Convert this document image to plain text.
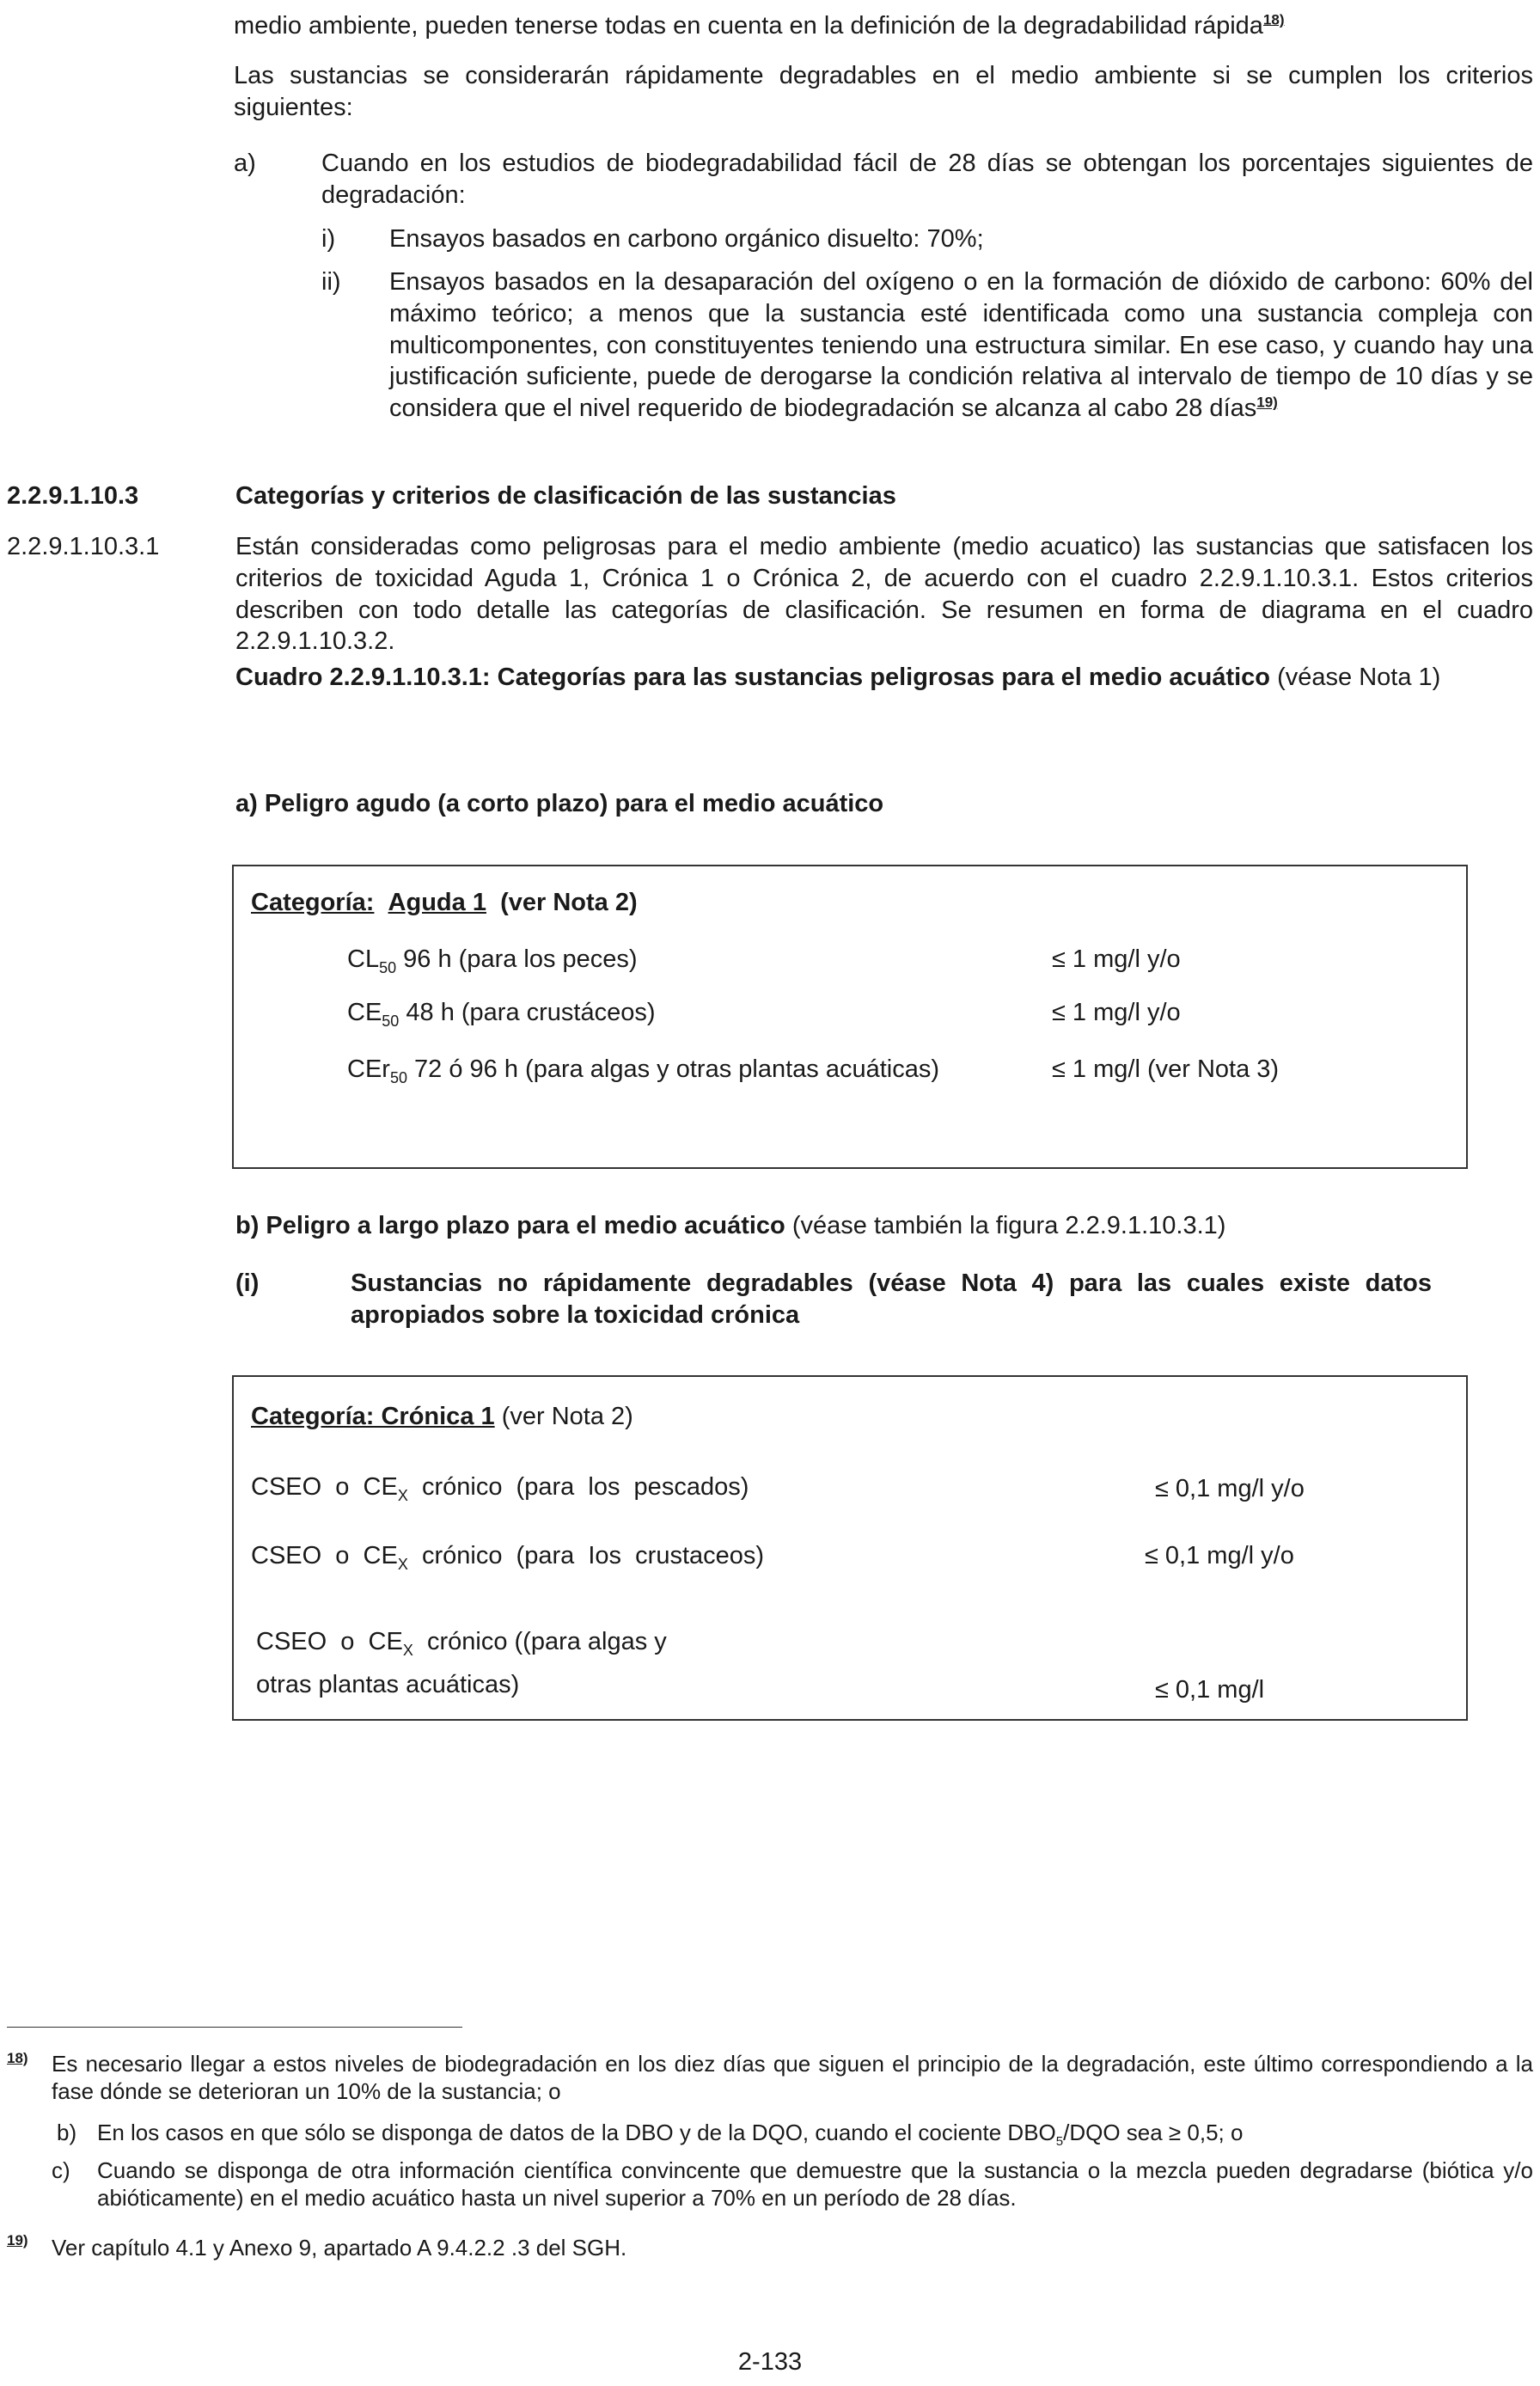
medio ambiente, pueden tenerse todas en cuenta en la definición de la degradabilidad rápida$^{18)}$
Las sustancias se considerarán rápidamente degradables en el medio ambiente si se cumplen los criterios siguientes:
a)	Cuando en los estudios de biodegradabilidad fácil de 28 días se obtengan los porcentajes siguientes de degradación:
i) Ensayos basados en carbono orgánico disuelto: 70%;
ii) Ensayos basados en la desaparación del oxígeno o en la formación de dióxido de carbono: 60% del máximo teórico; a menos que la sustancia esté identificada como una sustancia compleja con multicomponentes, con constituyentes teniendo una estructura similar. En ese caso, y cuando hay una justificación suficiente, puede de derogarse la condición relativa al intervalo de tiempo de 10 días y se considera que el nivel requerido de biodegradación se alcanza al cabo 28 días$^{19)}$
2.2.9.1.10.3	Categorías y criterios de clasificación de las sustancias
2.2.9.1.10.3.1	Están consideradas como peligrosas para el medio ambiente (medio acuatico) las sustancias que satisfacen los criterios de toxicidad Aguda 1, Crónica 1 o Crónica 2, de acuerdo con el cuadro 2.2.9.1.10.3.1. Estos criterios describen con todo detalle las categorías de clasificación. Se resumen en forma de diagrama en el cuadro 2.2.9.1.10.3.2.
Cuadro 2.2.9.1.10.3.1: Categorías para las sustancias peligrosas para el medio acuático (véase Nota 1)
a) Peligro agudo (a corto plazo) para el medio acuático
Categoría: Aguda 1 (ver Nota 2)
$CL_{50}$ 96 h (para los peces)	≤ 1 mg/l y/o
$CE_{50}$ 48 h (para crustáceos)	≤ 1 mg/l y/o
CEr$_{50}$ 72 ó 96 h (para algas y otras plantas acuáticas)	≤ 1 mg/l (ver Nota 3)
b) Peligro a largo plazo para el medio acuático (véase también la figura 2.2.9.1.10.3.1)
(i)	Sustancias no rápidamente degradables (véase Nota 4) para las cuales existe datos apropiados sobre la toxicidad crónica
Categoría: Crónica 1 (ver Nota 2)
CSEO  o  $CE_X$  crónico  (para  los  pescados)	≤ 0,1 mg/l y/o
CSEO  o  $CE_X$  crónico  (para  Ios  crustaceos)	≤ 0,1 mg/l y/o
CSEO  o  $CE_X$  crónico ((para algas y
otras plantas acuáticas)	≤ 0,1 mg/l
18) Es necesario llegar a estos niveles de biodegradación en los diez días que siguen el principio de la degradación, este último correspondiendo a la fase dónde se deterioran un 10% de la sustancia; o
b) En los casos en que sólo se disponga de datos de la DBO y de la DQO, cuando el cociente $DBO_5$/DQO sea ≥ 0,5; o
c) Cuando se disponga de otra información científica convincente que demuestre que la sustancia o la mezcla pueden degradarse (biótica y/o abióticamente) en el medio acuático hasta un nivel superior a 70% en un período de 28 días.
19) Ver capítulo 4.1 y Anexo 9, apartado A 9.4.2.2 .3 del SGH.
2-133
